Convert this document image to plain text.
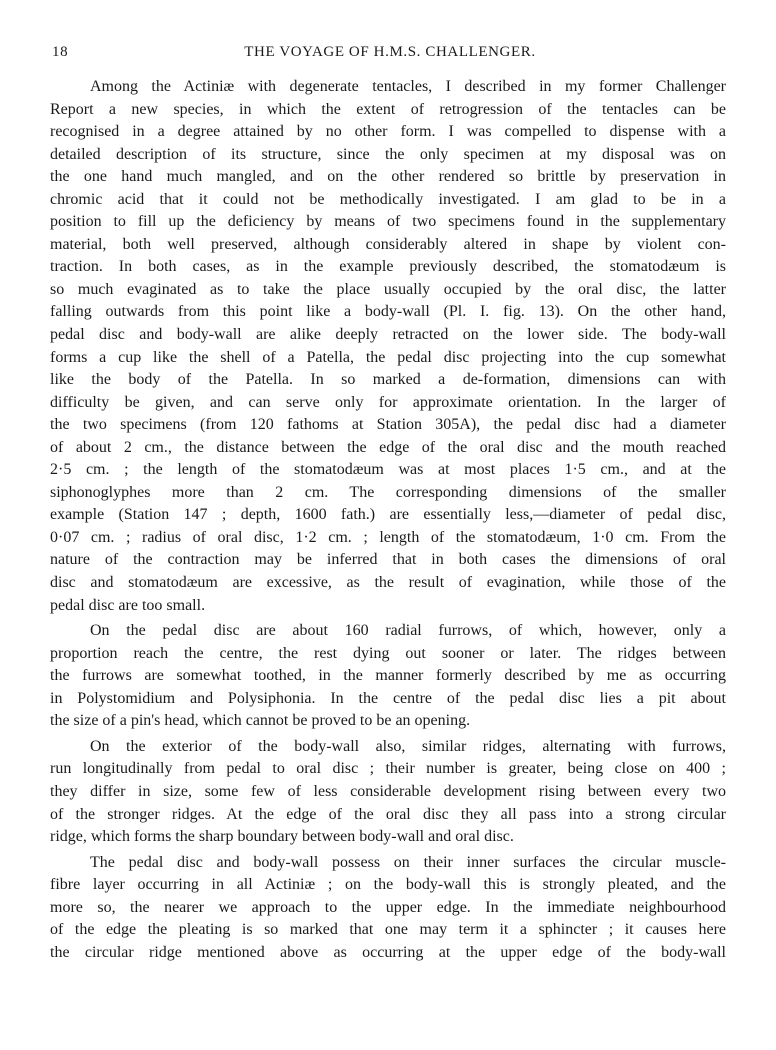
18	THE VOYAGE OF H.M.S. CHALLENGER.
Among the Actiniæ with degenerate tentacles, I described in my former Challenger
Report a new species, in which the extent of retrogression of the tentacles can be
recognised in a degree attained by no other form. I was compelled to dispense with a
detailed description of its structure, since the only specimen at my disposal was on
the one hand much mangled, and on the other rendered so brittle by preservation in
chromic acid that it could not be methodically investigated. I am glad to be in a
position to fill up the deficiency by means of two specimens found in the supplementary
material, both well preserved, although considerably altered in shape by violent con-
traction. In both cases, as in the example previously described, the stomatodæum is
so much evaginated as to take the place usually occupied by the oral disc, the latter
falling outwards from this point like a body-wall (Pl. I. fig. 13). On the other hand,
pedal disc and body-wall are alike deeply retracted on the lower side. The body-wall
forms a cup like the shell of a Patella, the pedal disc projecting into the cup somewhat
like the body of the Patella. In so marked a de-formation, dimensions can with
difficulty be given, and can serve only for approximate orientation. In the larger of
the two specimens (from 120 fathoms at Station 305A), the pedal disc had a diameter
of about 2 cm., the distance between the edge of the oral disc and the mouth reached
2·5 cm. ; the length of the stomatodæum was at most places 1·5 cm., and at the
siphonoglyphes more than 2 cm. The corresponding dimensions of the smaller
example (Station 147 ; depth, 1600 fath.) are essentially less,—diameter of pedal disc,
0·07 cm. ; radius of oral disc, 1·2 cm. ; length of the stomatodæum, 1·0 cm. From the
nature of the contraction may be inferred that in both cases the dimensions of oral
disc and stomatodæum are excessive, as the result of evagination, while those of the
pedal disc are too small.
On the pedal disc are about 160 radial furrows, of which, however, only a
proportion reach the centre, the rest dying out sooner or later. The ridges between
the furrows are somewhat toothed, in the manner formerly described by me as occurring
in Polystomidium and Polysiphonia. In the centre of the pedal disc lies a pit about
the size of a pin's head, which cannot be proved to be an opening.
On the exterior of the body-wall also, similar ridges, alternating with furrows,
run longitudinally from pedal to oral disc ; their number is greater, being close on 400 ;
they differ in size, some few of less considerable development rising between every two
of the stronger ridges. At the edge of the oral disc they all pass into a strong circular
ridge, which forms the sharp boundary between body-wall and oral disc.
The pedal disc and body-wall possess on their inner surfaces the circular muscle-
fibre layer occurring in all Actiniæ ; on the body-wall this is strongly pleated, and the
more so, the nearer we approach to the upper edge. In the immediate neighbourhood
of the edge the pleating is so marked that one may term it a sphincter ; it causes here
the circular ridge mentioned above as occurring at the upper edge of the body-wall
